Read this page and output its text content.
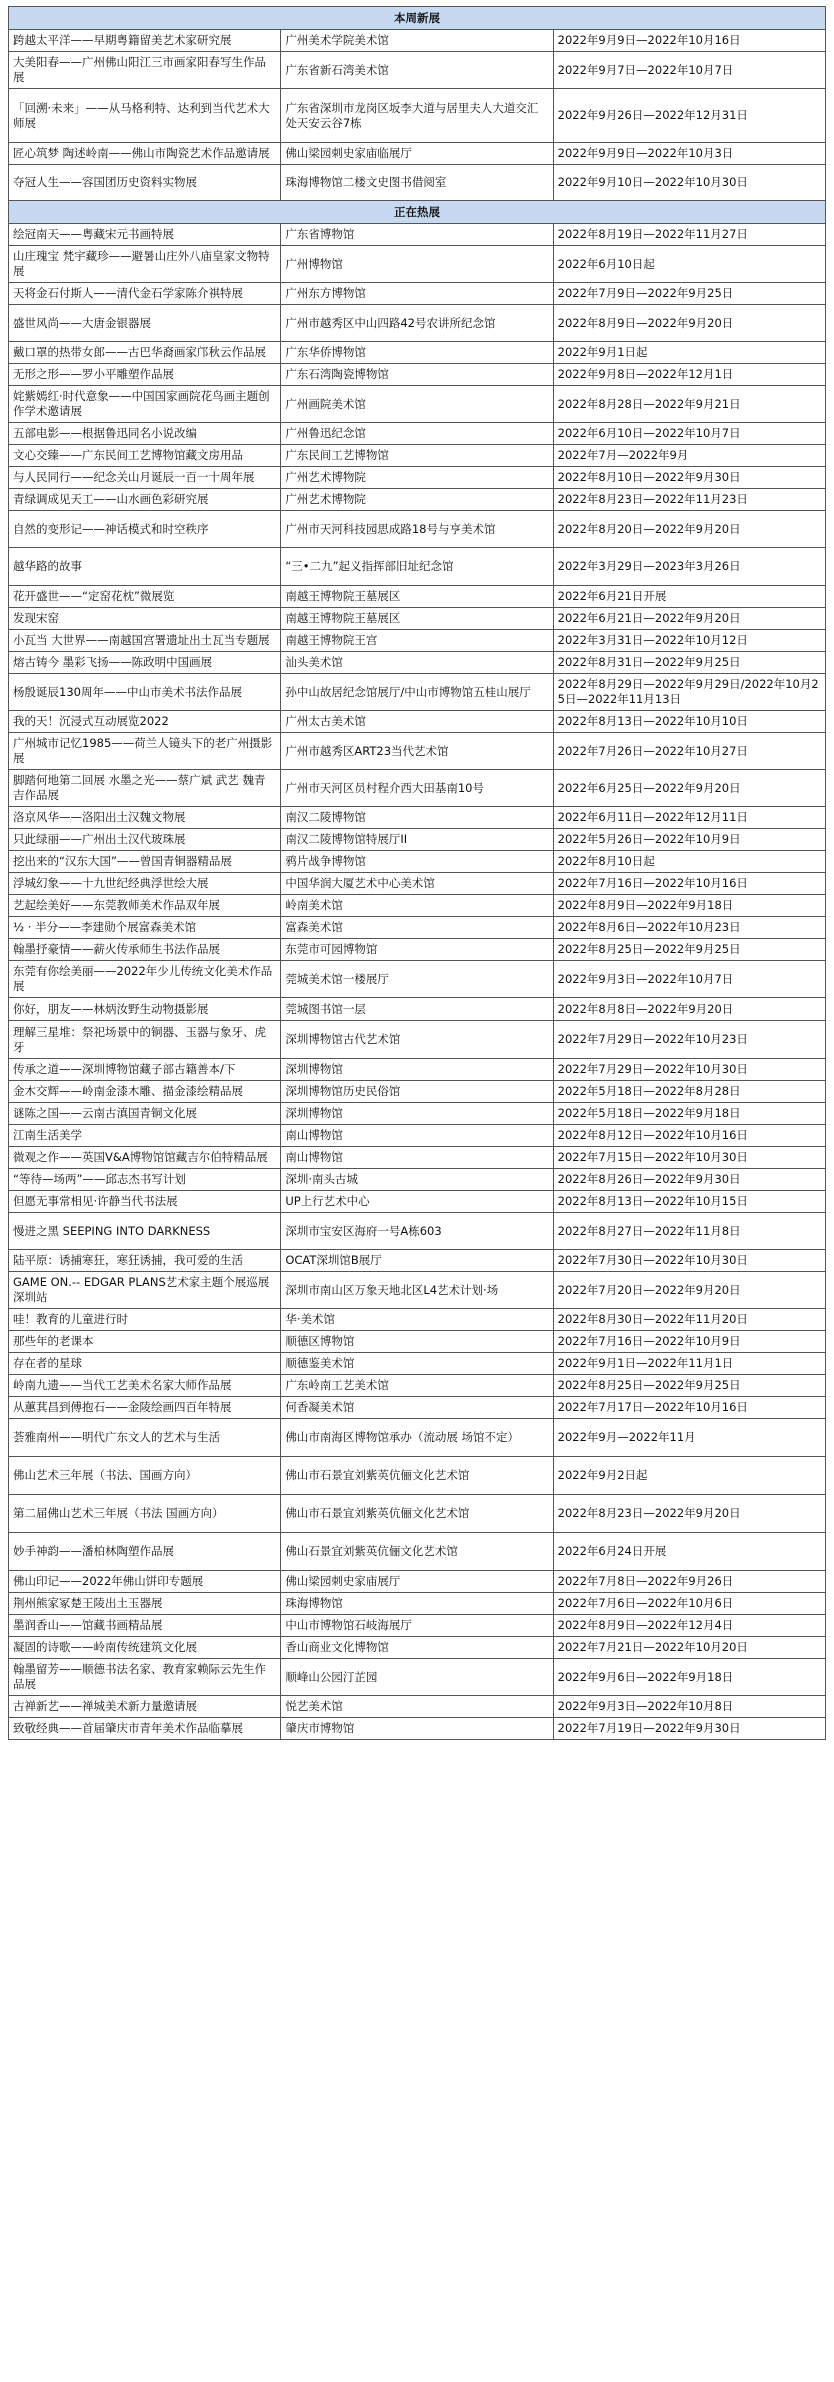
本周新展		
跨越太平洋——早期粤籍留美艺术家研究展	广州美术学院美术馆	2022年9月9日—2022年10月16日
大美阳春——广州佛山阳江三市画家阳春写生作品展	广东省新石湾美术馆	2022年9月7日—2022年10月7日
「回溯·未来」——从马格利特、达利到当代艺术大师展	广东省深圳市龙岗区坂李大道与居里夫人大道交汇处天安云谷7栋	2022年9月26日—2022年12月31日
匠心筑梦 陶述岭南——佛山市陶瓷艺术作品邀请展	佛山梁园刺史家庙临展厅	2022年9月9日—2022年10月3日
夺冠人生——容国团历史资料实物展	珠海博物馆二楼文史图书借阅室	2022年9月10日—2022年10月30日
正在热展		
绘冠南天——粤藏宋元书画特展	广东省博物馆	2022年8月19日—2022年11月27日
山庄瑰宝 梵宇藏珍——避暑山庄外八庙皇家文物特展	广州博物馆	2022年6月10日起
天将金石付斯人——清代金石学家陈介祺特展	广州东方博物馆	2022年7月9日—2022年9月25日
盛世风尚——大唐金银器展	广州市越秀区中山四路42号农讲所纪念馆	2022年8月9日—2022年9月20日
戴口罩的热带女郎——古巴华裔画家邝秋云作品展	广东华侨博物馆	2022年9月1日起
无形之形——罗小平雕塑作品展	广东石湾陶瓷博物馆	2022年9月8日—2022年12月1日
姹紫嫣红·时代意象——中国国家画院花鸟画主题创作学术邀请展	广州画院美术馆	2022年8月28日—2022年9月21日
五部电影——根据鲁迅同名小说改编	广州鲁迅纪念馆	2022年6月10日—2022年10月7日
文心交臻——广东民间工艺博物馆藏文房用品	广东民间工艺博物馆	2022年7月—2022年9月
与人民同行——纪念关山月诞辰一百一十周年展	广州艺术博物院	2022年8月10日—2022年9月30日
青绿调成见天工——山水画色彩研究展	广州艺术博物院	2022年8月23日—2022年11月23日
自然的变形记——神话模式和时空秩序	广州市天河科技园思成路18号与亨美术馆	2022年8月20日—2022年9月20日
越华路的故事	“三•二九”起义指挥部旧址纪念馆	2022年3月29日—2023年3月26日
花开盛世——“定窑花枕”微展览	南越王博物院王墓展区	2022年6月21日开展
发现宋窑	南越王博物院王墓展区	2022年6月21日—2022年9月20日
小瓦当 大世界——南越国宫署遗址出土瓦当专题展	南越王博物院王宫	2022年3月31日—2022年10月12日
熔古铸今 墨彩飞扬——陈政明中国画展	汕头美术馆	2022年8月31日—2022年9月25日
杨殷诞辰130周年——中山市美术书法作品展	孙中山故居纪念馆展厅/中山市博物馆五桂山展厅	2022年8月29日—2022年9月29日/2022年10月25日—2022年11月13日
我的天！沉浸式互动展览2022	广州太古美术馆	2022年8月13日—2022年10月10日
广州城市记忆1985——荷兰人镜头下的老广州摄影展	广州市越秀区ART23当代艺术馆	2022年7月26日—2022年10月27日
脚踏何地第二回展 水墨之光——蔡广斌 武艺 魏青吉作品展	广州市天河区员村程介西大田基南10号	2022年6月25日—2022年9月20日
洛京风华——洛阳出土汉魏文物展	南汉二陵博物馆	2022年6月11日—2022年12月11日
只此绿丽——广州出土汉代玻珠展	南汉二陵博物馆特展厅II	2022年5月26日—2022年10月9日
挖出来的“汉东大国”——曾国青铜器精品展	鸦片战争博物馆	2022年8月10日起
浮城幻象——十九世纪经典浮世绘大展	中国华润大厦艺术中心美术馆	2022年7月16日—2022年10月16日
艺起绘美好——东莞教师美术作品双年展	岭南美术馆	2022年8月9日—2022年9月18日
½ · 半分——李建勋个展富森美术馆	富森美术馆	2022年8月6日—2022年10月23日
翰墨抒豪情——薪火传承师生书法作品展	东莞市可园博物馆	2022年8月25日—2022年9月25日
东莞有你绘美丽——2022年少儿传统文化美术作品展	莞城美术馆一楼展厅	2022年9月3日—2022年10月7日
你好，朋友——林炳汝野生动物摄影展	莞城图书馆一层	2022年8月8日—2022年9月20日
理解三星堆：祭祀场景中的铜器、玉器与象牙、虎牙	深圳博物馆古代艺术馆	2022年7月29日—2022年10月23日
传承之道——深圳博物馆藏子部古籍善本/下	深圳博物馆	2022年7月29日—2022年10月30日
金木交辉——岭南金漆木雕、描金漆绘精品展	深圳博物馆历史民俗馆	2022年5月18日—2022年8月28日
谜陈之国——云南古滇国青铜文化展	深圳博物馆	2022年5月18日—2022年9月18日
江南生活美学	南山博物馆	2022年8月12日—2022年10月16日
微观之作——英国V&A博物馆馆藏吉尔伯特精品展	南山博物馆	2022年7月15日—2022年10月30日
“等待—场两”——邱志杰书写计划	深圳·南头古城	2022年8月26日—2022年9月30日
但愿无事常相见·许静当代书法展	UP上行艺术中心	2022年8月13日—2022年10月15日
慢进之黑 SEEPING INTO DARKNESS	深圳市宝安区海府一号A栋603	2022年8月27日—2022年11月8日
陆平原：诱捕寒狂，寒狂诱捕，我可爱的生活	OCAT深圳馆B展厅	2022年7月30日—2022年10月30日
GAME ON.-- EDGAR PLANS艺术家主题个展巡展深圳站	深圳市南山区万象天地北区L4艺术计划·场	2022年7月20日—2022年9月20日
哇！教育的儿童进行时	华·美术馆	2022年8月30日—2022年11月20日
那些年的老课本	顺德区博物馆	2022年7月16日—2022年10月9日
存在者的星球	顺德鉴美术馆	2022年9月1日—2022年11月1日
岭南九遗——当代工艺美术名家大师作品展	广东岭南工艺美术馆	2022年8月25日—2022年9月25日
从蕙萁昌到傅抱石——金陵绘画四百年特展	何香凝美术馆	2022年7月17日—2022年10月16日
荟雅南州——明代广东文人的艺术与生活	佛山市南海区博物馆承办（流动展 场馆不定）	2022年9月—2022年11月
佛山艺术三年展（书法、国画方向）	佛山市石景宜刘紫英伉俪文化艺术馆	2022年9月2日起
第二届佛山艺术三年展（书法 国画方向）	佛山市石景宜刘紫英伉俪文化艺术馆	2022年8月23日—2022年9月20日
妙手神韵——潘柏林陶塑作品展	佛山石景宜刘紫英伉俪文化艺术馆	2022年6月24日开展
佛山印记——2022年佛山饼印专题展	佛山梁园刺史家庙展厅	2022年7月8日—2022年9月26日
荆州熊家冢楚王陵出土玉器展	珠海博物馆	2022年7月6日—2022年10月6日
墨润香山——馆藏书画精品展	中山市博物馆石岐海展厅	2022年8月9日—2022年12月4日
凝固的诗歌——岭南传统建筑文化展	香山商业文化博物馆	2022年7月21日—2022年10月20日
翰墨留芳——顺德书法名家、教育家赖际云先生作品展	顺峰山公园汀芷园	2022年9月6日—2022年9月18日
古禅新艺——禅城美术新力量邀请展	悦艺美术馆	2022年9月3日—2022年10月8日
致敬经典——首届肇庆市青年美术作品临摹展	肇庆市博物馆	2022年7月19日—2022年9月30日
